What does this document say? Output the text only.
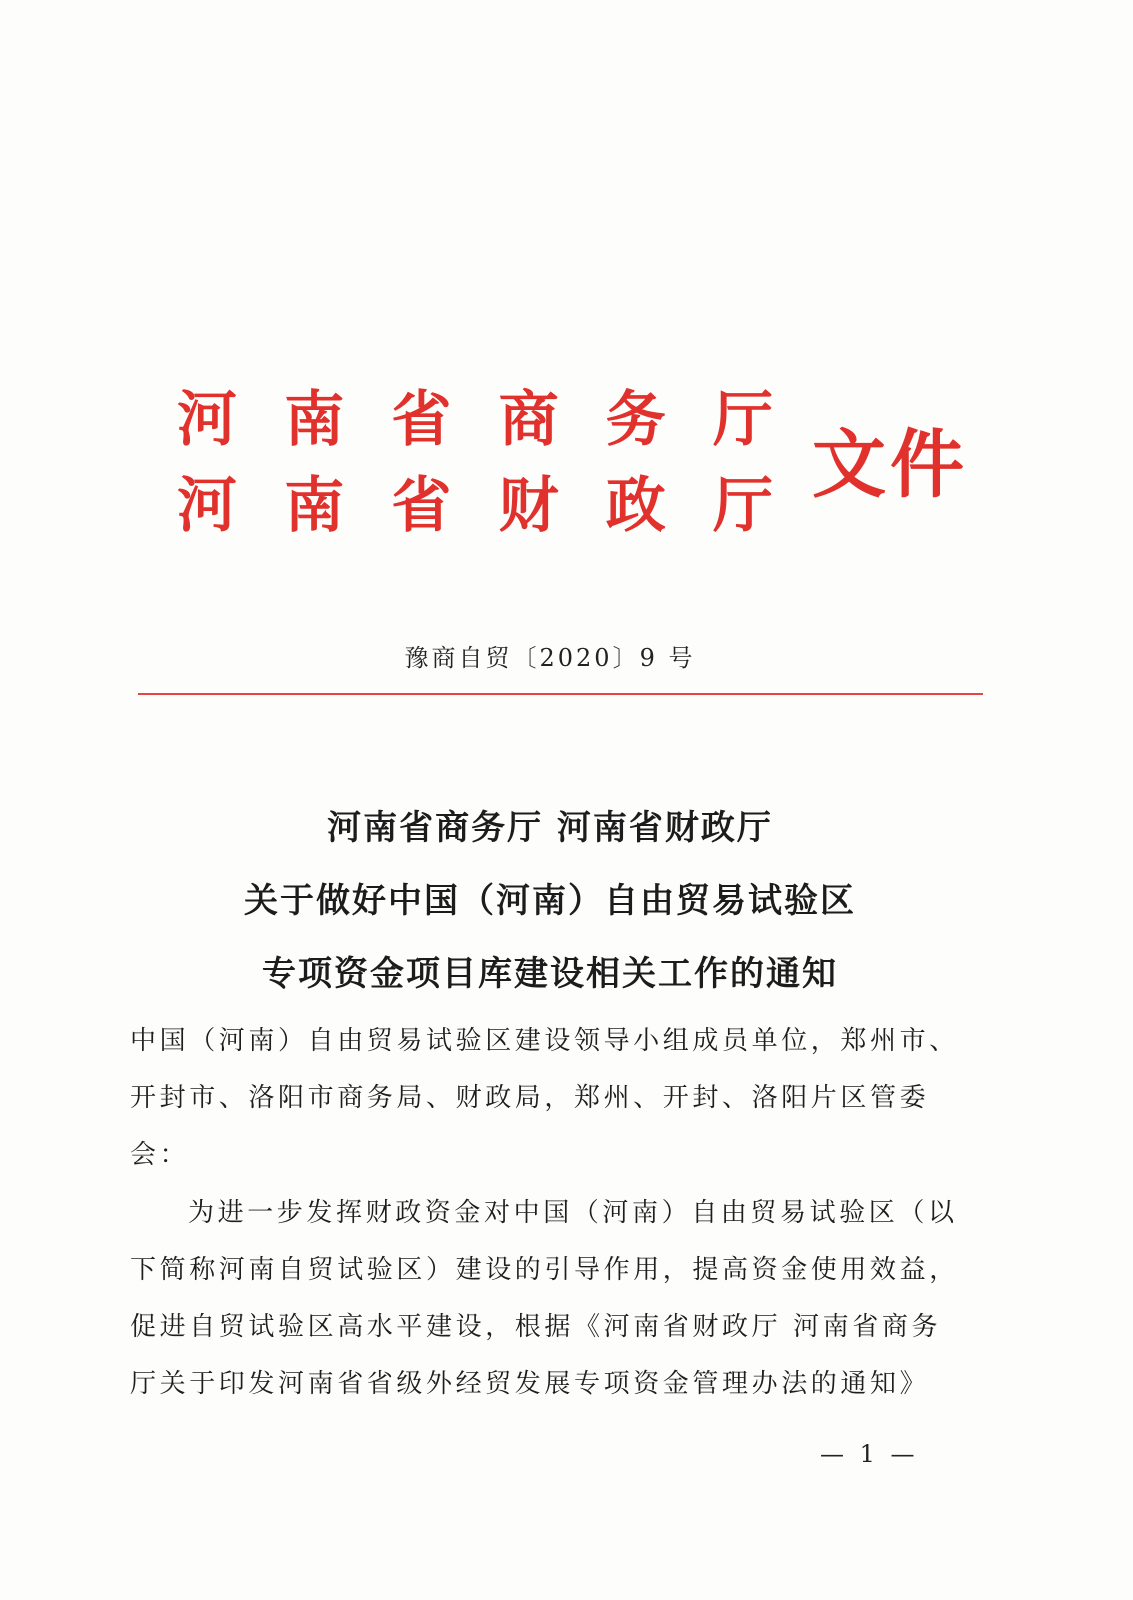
河 南 省 商 务 厅
河 南 省 财 政 厅 文件
豫商自贸〔2020〕9 号
河南省商务厅 河南省财政厅
关于做好中国（河南）自由贸易试验区
专项资金项目库建设相关工作的通知
中国（河南）自由贸易试验区建设领导小组成员单位，郑州市、
开封市、洛阳市商务局、财政局，郑州、开封、洛阳片区管委
会：
为进一步发挥财政资金对中国（河南）自由贸易试验区（以
下简称河南自贸试验区）建设的引导作用，提高资金使用效益，
促进自贸试验区高水平建设，根据《河南省财政厅 河南省商务
厅关于印发河南省省级外经贸发展专项资金管理办法的通知》
— 1 —
